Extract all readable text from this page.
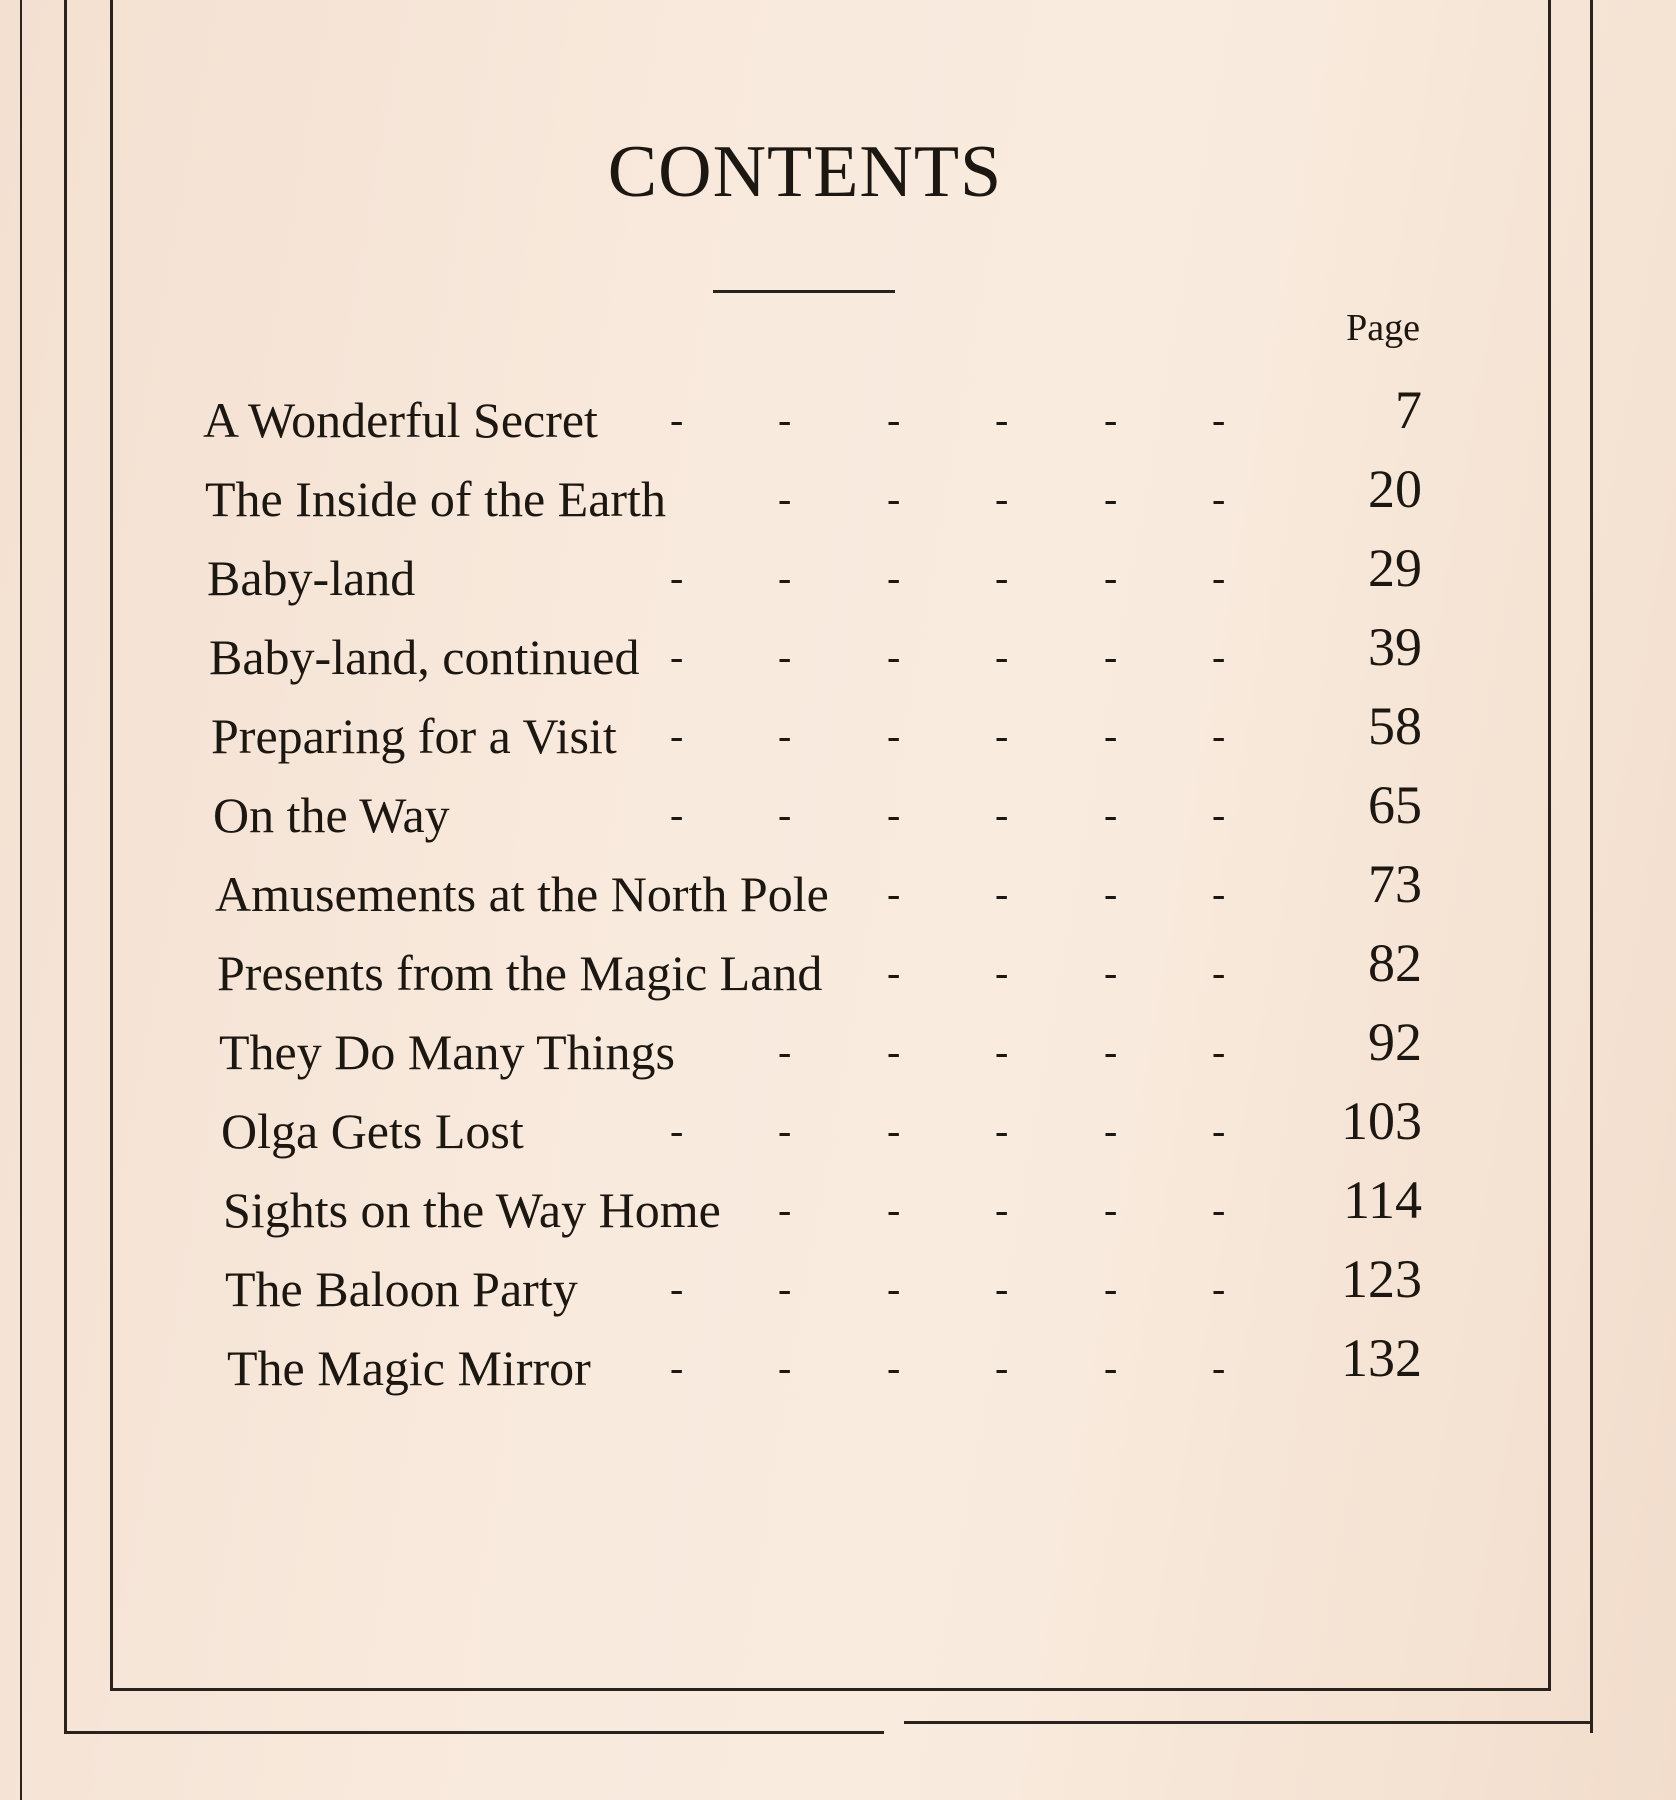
CONTENTS
Page
A Wonderful Secret - - - - - -	7
The Inside of the Earth	- - - - -	20
Baby-land	- - - - - -	29
Baby-land, continued - - - - - -	39
Preparing for a Visit - - - - - -	58
On the Way	- - - - - -	65
Amusements at the North Pole - - - -	73
Presents from the Magic Land - - - -	82
They Do Many Things	- - - - -	92
Olga Gets Lost	- - - - - -	103
Sights on the Way Home - - - - -	114
The Baloon Party - - - - - -	123
The Magic Mirror - - - - - -	132
